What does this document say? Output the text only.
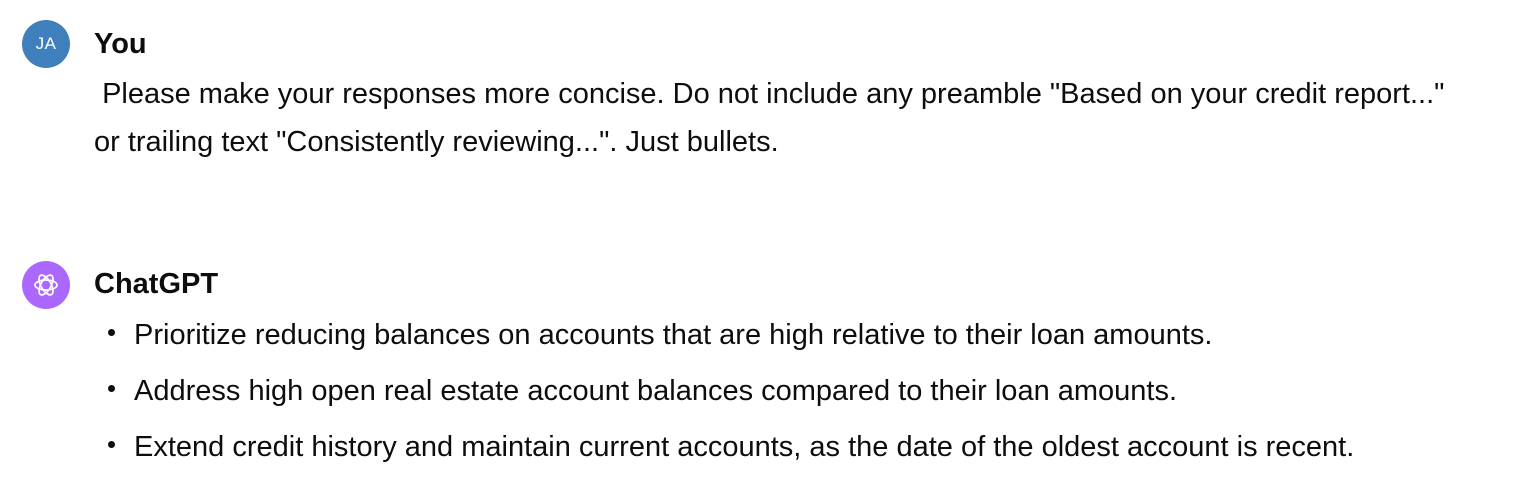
JA You
Please make your responses more concise. Do not include any preamble "Based on your credit report..." or trailing text "Consistently reviewing...". Just bullets.
ChatGPT
Prioritize reducing balances on accounts that are high relative to their loan amounts.
Address high open real estate account balances compared to their loan amounts.
Extend credit history and maintain current accounts, as the date of the oldest account is recent.
